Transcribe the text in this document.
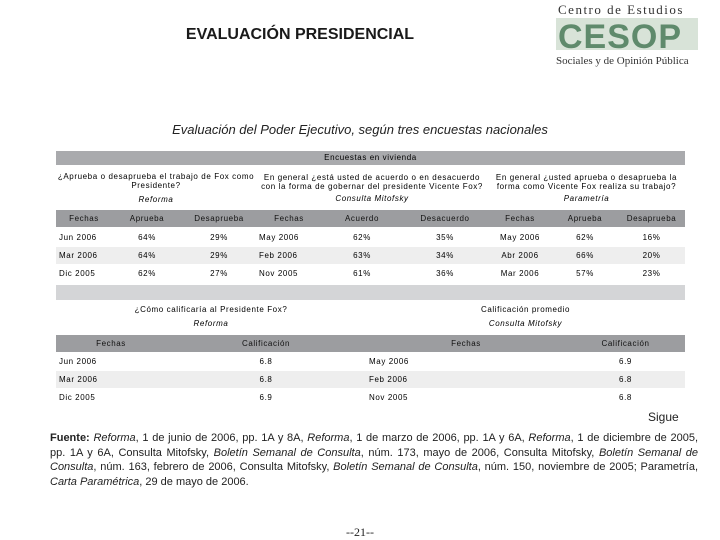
EVALUACIÓN PRESIDENCIAL
Centro de Estudios
CESOP
Sociales y de Opinión Pública
Evaluación del Poder Ejecutivo, según tres encuestas nacionales
Encuestas en vivienda
¿Aprueba o desaprueba el trabajo de Fox como Presidente?
Reforma
En general ¿está usted de acuerdo o en desacuerdo con la forma de gobernar del presidente Vicente Fox?
Consulta Mitofsky
En general ¿usted aprueba o desaprueba la forma como Vicente Fox realiza su trabajo?
Parametría
Fechas	Aprueba	Desaprueba	Fechas	Acuerdo	Desacuerdo	Fechas	Aprueba	Desaprueba
Jun 2006	64%	29%	May 2006	62%	35%	May 2006	62%	16%
Mar 2006	64%	29%	Feb 2006	63%	34%	Abr 2006	66%	20%
Dic 2005	62%	27%	Nov 2005	61%	36%	Mar 2006	57%	23%
¿Cómo calificaría al Presidente Fox?
Reforma
Calificación promedio
Consulta Mitofsky
Fechas	Calificación	Fechas	Calificación
Jun 2006	6.8	May 2006	6.9
Mar 2006	6.8	Feb 2006	6.8
Dic 2005	6.9	Nov 2005	6.8
Sigue
Fuente: Reforma, 1 de junio de 2006, pp. 1A y 8A, Reforma, 1 de marzo de 2006, pp. 1A y 6A, Reforma, 1 de diciembre de 2005, pp. 1A y 6A, Consulta Mitofsky, Boletín Semanal de Consulta, núm. 173, mayo de 2006, Consulta Mitofsky, Boletín Semanal de Consulta, núm. 163, febrero de 2006, Consulta Mitofsky, Boletín Semanal de Consulta, núm. 150, noviembre de 2005; Parametría, Carta Paramétrica, 29 de mayo de 2006.
--21--
